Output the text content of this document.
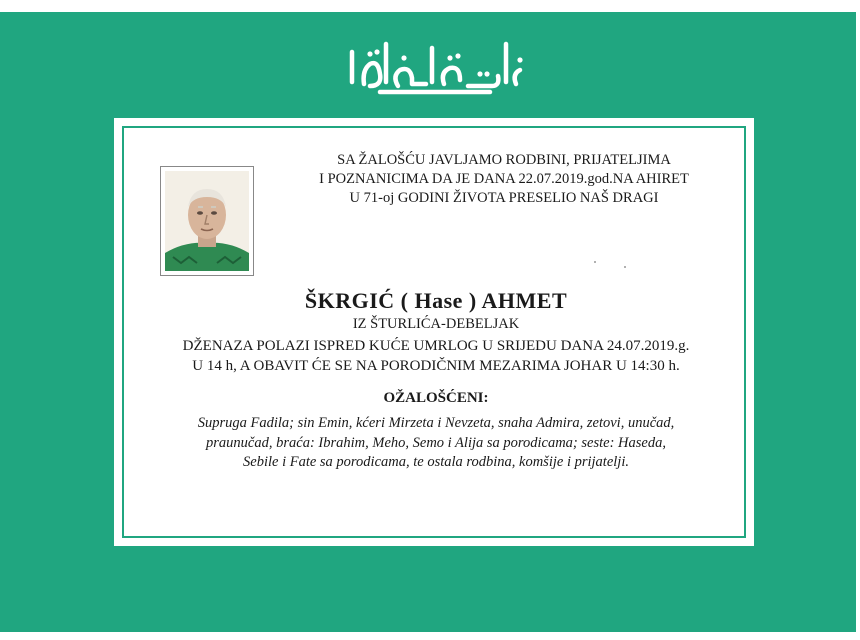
SA ŽALOŠĆU JAVLJAMO RODBINI, PRIJATELJIMA
I POZNANICIMA DA JE DANA 22.07.2019.god.NA AHIRET
U 71-oj GODINI ŽIVOTA PRESELIO NAŠ DRAGI
ŠKRGIĆ ( Hase ) AHMET
IZ ŠTURLIĆA-DEBELJAK
DŽENAZA POLAZI ISPRED KUĆE UMRLOG U SRIJEDU DANA 24.07.2019.g.
U 14 h, A OBAVIT ĆE SE NA PORODIČNIM MEZARIMA JOHAR U 14:30 h.
OŽALOŠĆENI:
Supruga Fadila; sin Emin, kćeri Mirzeta i Nevzeta, snaha Admira, zetovi, unučad,
praunučad, braća: Ibrahim, Meho, Semo i Alija sa porodicama; seste: Haseda,
Sebile i Fate sa porodicama, te ostala rodbina, komšije i prijatelji.
